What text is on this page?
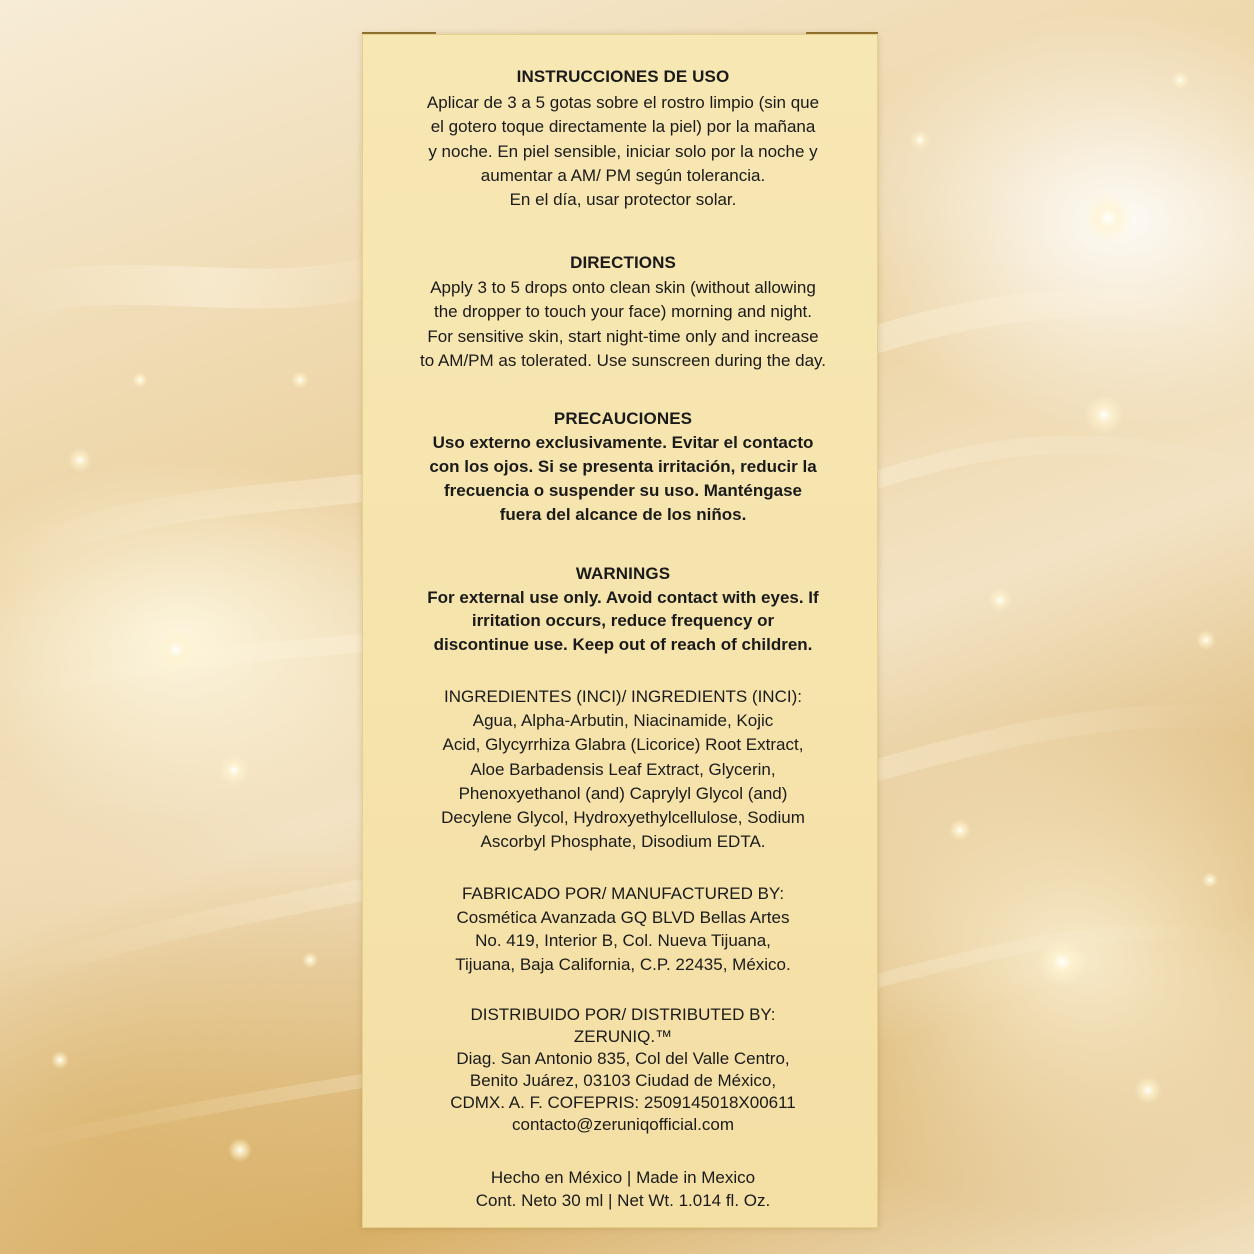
INSTRUCCIONES DE USO
Aplicar de 3 a 5 gotas sobre el rostro limpio (sin que
el gotero toque directamente la piel) por la mañana
y noche. En piel sensible, iniciar solo por la noche y
aumentar a AM/ PM según tolerancia.
En el día, usar protector solar.
DIRECTIONS
Apply 3 to 5 drops onto clean skin (without allowing
the dropper to touch your face) morning and night.
For sensitive skin, start night-time only and increase
to AM/PM as tolerated. Use sunscreen during the day.
PRECAUCIONES
Uso externo exclusivamente. Evitar el contacto
con los ojos. Si se presenta irritación, reducir la
frecuencia o suspender su uso. Manténgase
fuera del alcance de los niños.
WARNINGS
For external use only. Avoid contact with eyes. If
irritation occurs, reduce frequency or
discontinue use. Keep out of reach of children.
INGREDIENTES (INCI)/ INGREDIENTS (INCI):
Agua, Alpha-Arbutin, Niacinamide, Kojic
Acid, Glycyrrhiza Glabra (Licorice) Root Extract,
Aloe Barbadensis Leaf Extract, Glycerin,
Phenoxyethanol (and) Caprylyl Glycol (and)
Decylene Glycol, Hydroxyethylcellulose, Sodium
Ascorbyl Phosphate, Disodium EDTA.
FABRICADO POR/ MANUFACTURED BY:
Cosmética Avanzada GQ BLVD Bellas Artes
No. 419, Interior B, Col. Nueva Tijuana,
Tijuana, Baja California, C.P. 22435, México.
DISTRIBUIDO POR/ DISTRIBUTED BY:
ZERUNIQ.™
Diag. San Antonio 835, Col del Valle Centro,
Benito Juárez, 03103 Ciudad de México,
CDMX. A. F. COFEPRIS: 2509145018X00611
contacto@zeruniqofficial.com
Hecho en México | Made in Mexico
Cont. Neto 30 ml | Net Wt. 1.014 fl. Oz.
